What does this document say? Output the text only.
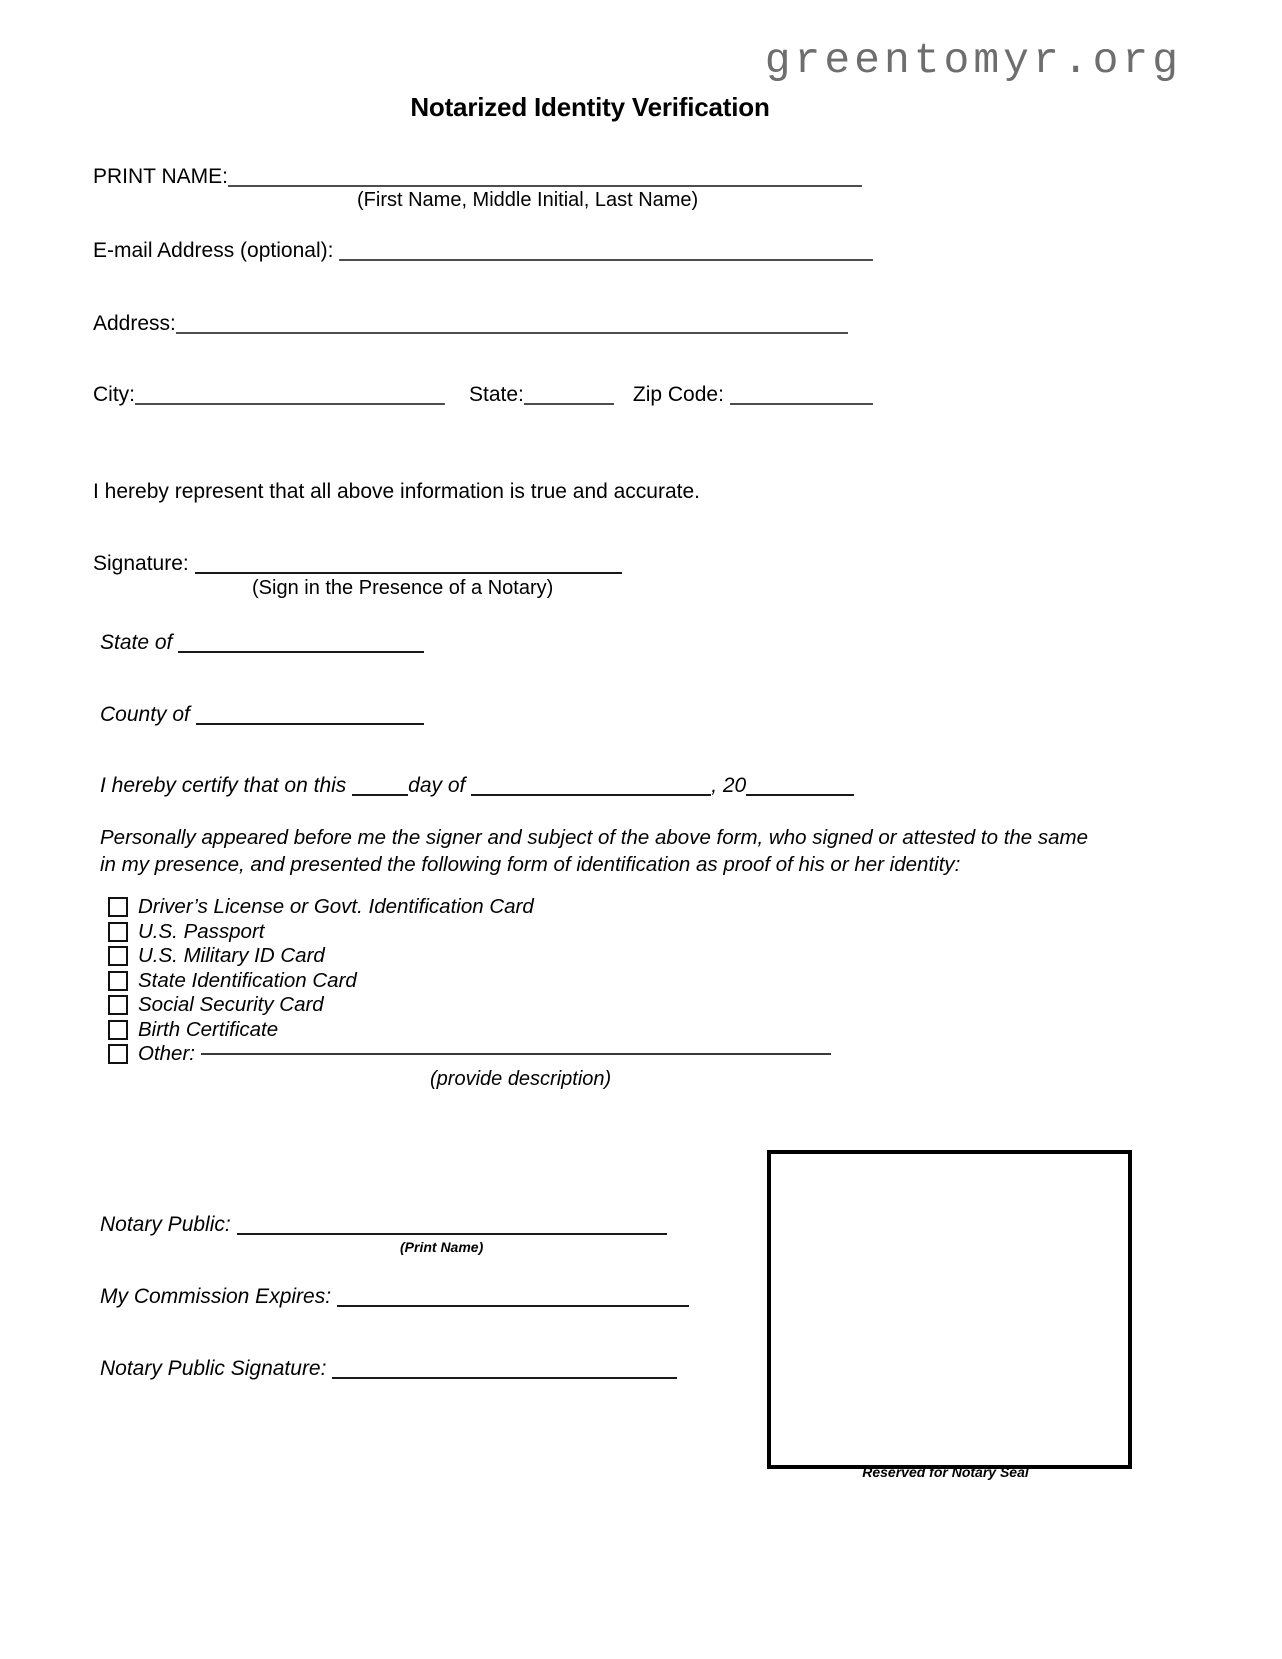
greentomyr.org
Notarized Identity Verification
PRINT NAME:
(First Name, Middle Initial, Last Name)
E-mail Address (optional):
Address:
City:	State:	Zip Code:
I hereby represent that all above information is true and accurate.
Signature:
(Sign in the Presence of a Notary)
State of
County of
I hereby certify that on this	day of	, 20
Personally appeared before me the signer and subject of the above form, who signed or attested to the same in my presence, and presented the following form of identification as proof of his or her identity:
Driver’s License or Govt. Identification Card
U.S. Passport
U.S. Military ID Card
State Identification Card
Social Security Card
Birth Certificate
Other:
(provide description)
Notary Public:
(Print Name)
My Commission Expires:
Notary Public Signature:
Reserved for Notary Seal
